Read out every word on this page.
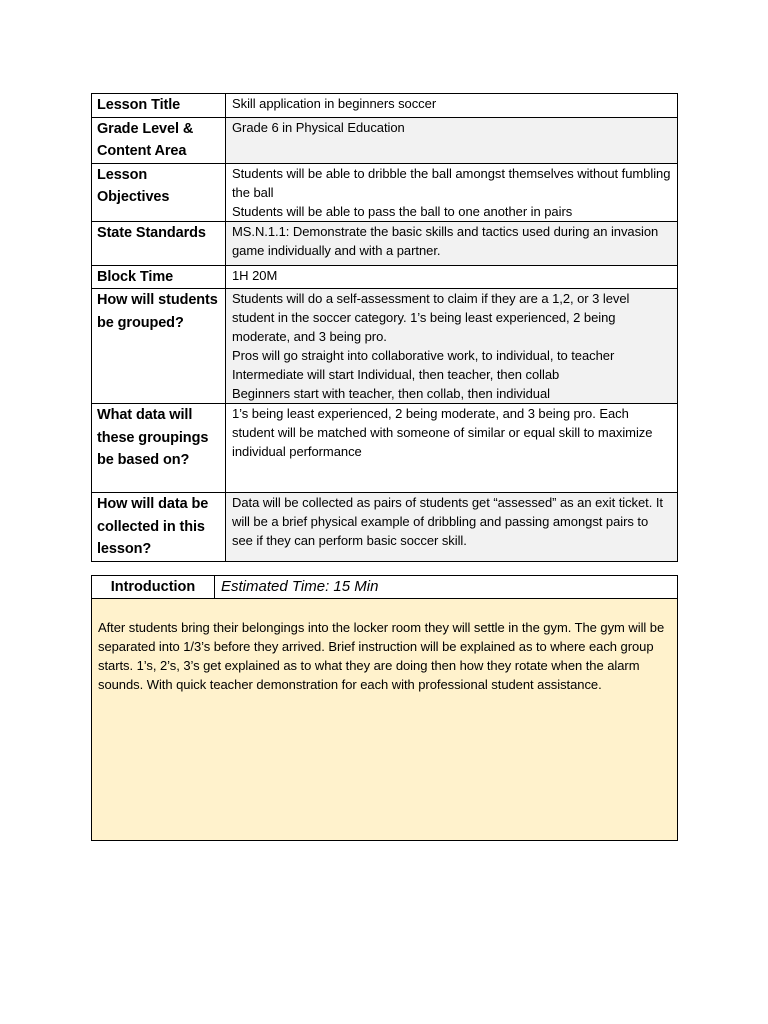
Lesson Title	Skill application in beginners soccer
Grade Level & Content Area	Grade 6 in Physical Education
Lesson Objectives	Students will be able to dribble the ball amongst themselves without fumbling the ball
Students will be able to pass the ball to one another in pairs

State Standards	MS.N.1.1: Demonstrate the basic skills and tactics used during an invasion game individually and with a partner.
Block Time	1H 20M
How will students be grouped?	Students will do a self-assessment to claim if they are a 1,2, or 3 level student in the soccer category. 1’s being least experienced, 2 being moderate, and 3 being pro.
Pros will go straight into collaborative work, to individual, to teacher
Intermediate will start Individual, then teacher, then collab
Beginners start with teacher, then collab, then individual

What data will these groupings be based on?	1’s being least experienced, 2 being moderate, and 3 being pro. Each student will be matched with someone of similar or equal skill to maximize individual performance
How will data be collected in this lesson?	Data will be collected as pairs of students get “assessed” as an exit ticket. It will be a brief physical example of dribbling and passing amongst pairs to see if they can perform basic soccer skill.
Introduction	Estimated Time: 15 Min
After students bring their belongings into the locker room they will settle in the gym. The gym will be separated into 1/3’s before they arrived. Brief instruction will be explained as to where each group starts. 1’s, 2’s, 3’s get explained as to what they are doing then how they rotate when the alarm sounds. With quick teacher demonstration for each with professional student assistance.
